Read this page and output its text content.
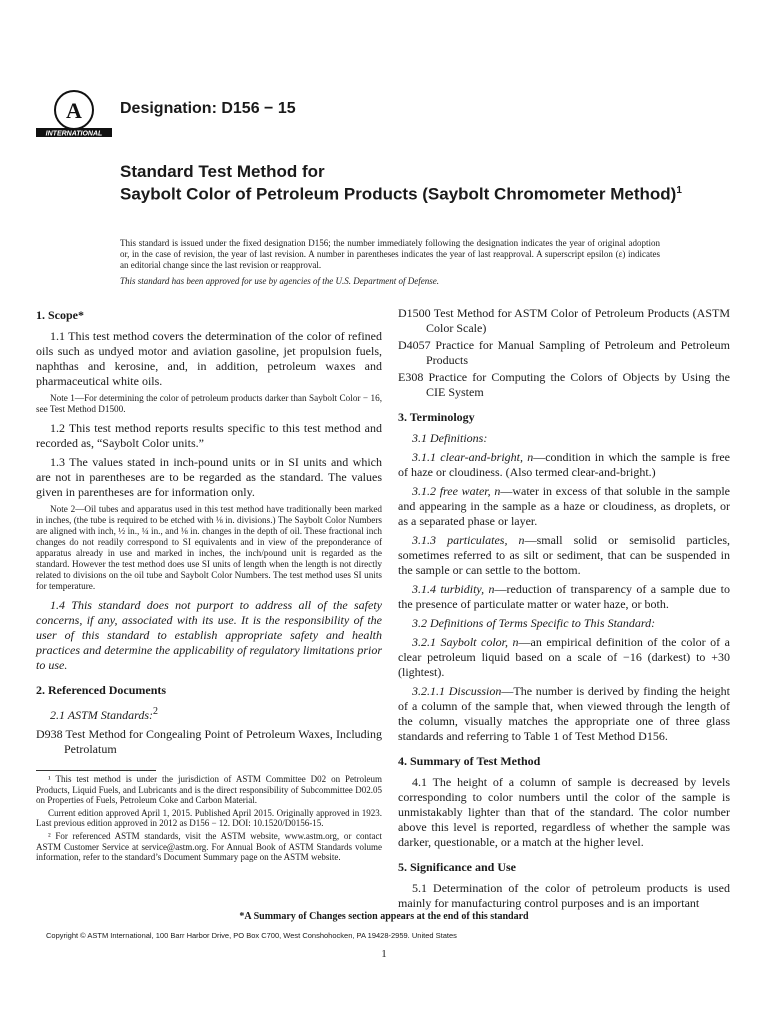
A
INTERNATIONAL
Designation: D156 − 15
Standard Test Method for
Saybolt Color of Petroleum Products (Saybolt Chromometer Method)$^1$
This standard is issued under the fixed designation D156; the number immediately following the designation indicates the year of original adoption or, in the case of revision, the year of last revision. A number in parentheses indicates the year of last reapproval. A superscript epsilon (ε) indicates an editorial change since the last revision or reapproval.
This standard has been approved for use by agencies of the U.S. Department of Defense.
1. Scope*

1.1 This test method covers the determination of the color of refined oils such as undyed motor and aviation gasoline, jet propulsion fuels, naphthas and kerosine, and, in addition, petroleum waxes and pharmaceutical white oils.

Note 1—For determining the color of petroleum products darker than Saybolt Color − 16, see Test Method D1500.

1.2 This test method reports results specific to this test method and recorded as, “Saybolt Color units.”

1.3 The values stated in inch-pound units or in SI units and which are not in parentheses are to be regarded as the standard. The values given in parentheses are for information only.

Note 2—Oil tubes and apparatus used in this test method have traditionally been marked in inches, (the tube is required to be etched with ⅛ in. divisions.) The Saybolt Color Numbers are aligned with inch, ½ in., ¼ in., and ⅛ in. changes in the depth of oil. These fractional inch changes do not readily correspond to SI equivalents and in view of the preponderance of apparatus already in use and marked in inches, the inch/pound unit is regarded as the standard. However the test method does use SI units of length when the length is not directly related to divisions on the oil tube and Saybolt Color Numbers. The test method uses SI units for temperature.

1.4 This standard does not purport to address all of the safety concerns, if any, associated with its use. It is the responsibility of the user of this standard to establish appropriate safety and health practices and determine the applicability of regulatory limitations prior to use.

2. Referenced Documents

2.1 ASTM Standards:$^2$

D938 Test Method for Congealing Point of Petroleum Waxes, Including Petrolatum

¹ This test method is under the jurisdiction of ASTM Committee D02 on Petroleum Products, Liquid Fuels, and Lubricants and is the direct responsibility of Subcommittee D02.05 on Properties of Fuels, Petroleum Coke and Carbon Material.

Current edition approved April 1, 2015. Published April 2015. Originally approved in 1923. Last previous edition approved in 2012 as D156 − 12. DOI: 10.1520/D0156-15.

² For referenced ASTM standards, visit the ASTM website, www.astm.org, or contact ASTM Customer Service at service@astm.org. For Annual Book of ASTM Standards volume information, refer to the standard’s Document Summary page on the ASTM website.

D1500 Test Method for ASTM Color of Petroleum Products (ASTM Color Scale)

D4057 Practice for Manual Sampling of Petroleum and Petroleum Products

E308 Practice for Computing the Colors of Objects by Using the CIE System

3. Terminology

3.1 Definitions:

3.1.1 clear-and-bright, n—condition in which the sample is free of haze or cloudiness. (Also termed clear-and-bright.)

3.1.2 free water, n—water in excess of that soluble in the sample and appearing in the sample as a haze or cloudiness, as droplets, or as a separated phase or layer.

3.1.3 particulates, n—small solid or semisolid particles, sometimes referred to as silt or sediment, that can be suspended in the sample or can settle to the bottom.

3.1.4 turbidity, n—reduction of transparency of a sample due to the presence of particulate matter or water haze, or both.

3.2 Definitions of Terms Specific to This Standard:

3.2.1 Saybolt color, n—an empirical definition of the color of a clear petroleum liquid based on a scale of −16 (darkest) to +30 (lightest).

3.2.1.1 Discussion—The number is derived by finding the height of a column of the sample that, when viewed through the length of the column, visually matches the appropriate one of three glass standards and referring to Table 1 of Test Method D156.

4. Summary of Test Method

4.1 The height of a column of sample is decreased by levels corresponding to color numbers until the color of the sample is unmistakably lighter than that of the standard. The color number above this level is reported, regardless of whether the sample was darker, questionable, or a match at the higher level.

5. Significance and Use

5.1 Determination of the color of petroleum products is used mainly for manufacturing control purposes and is an important

*A Summary of Changes section appears at the end of this standard
Copyright © ASTM International, 100 Barr Harbor Drive, PO Box C700, West Conshohocken, PA 19428-2959. United States
1
